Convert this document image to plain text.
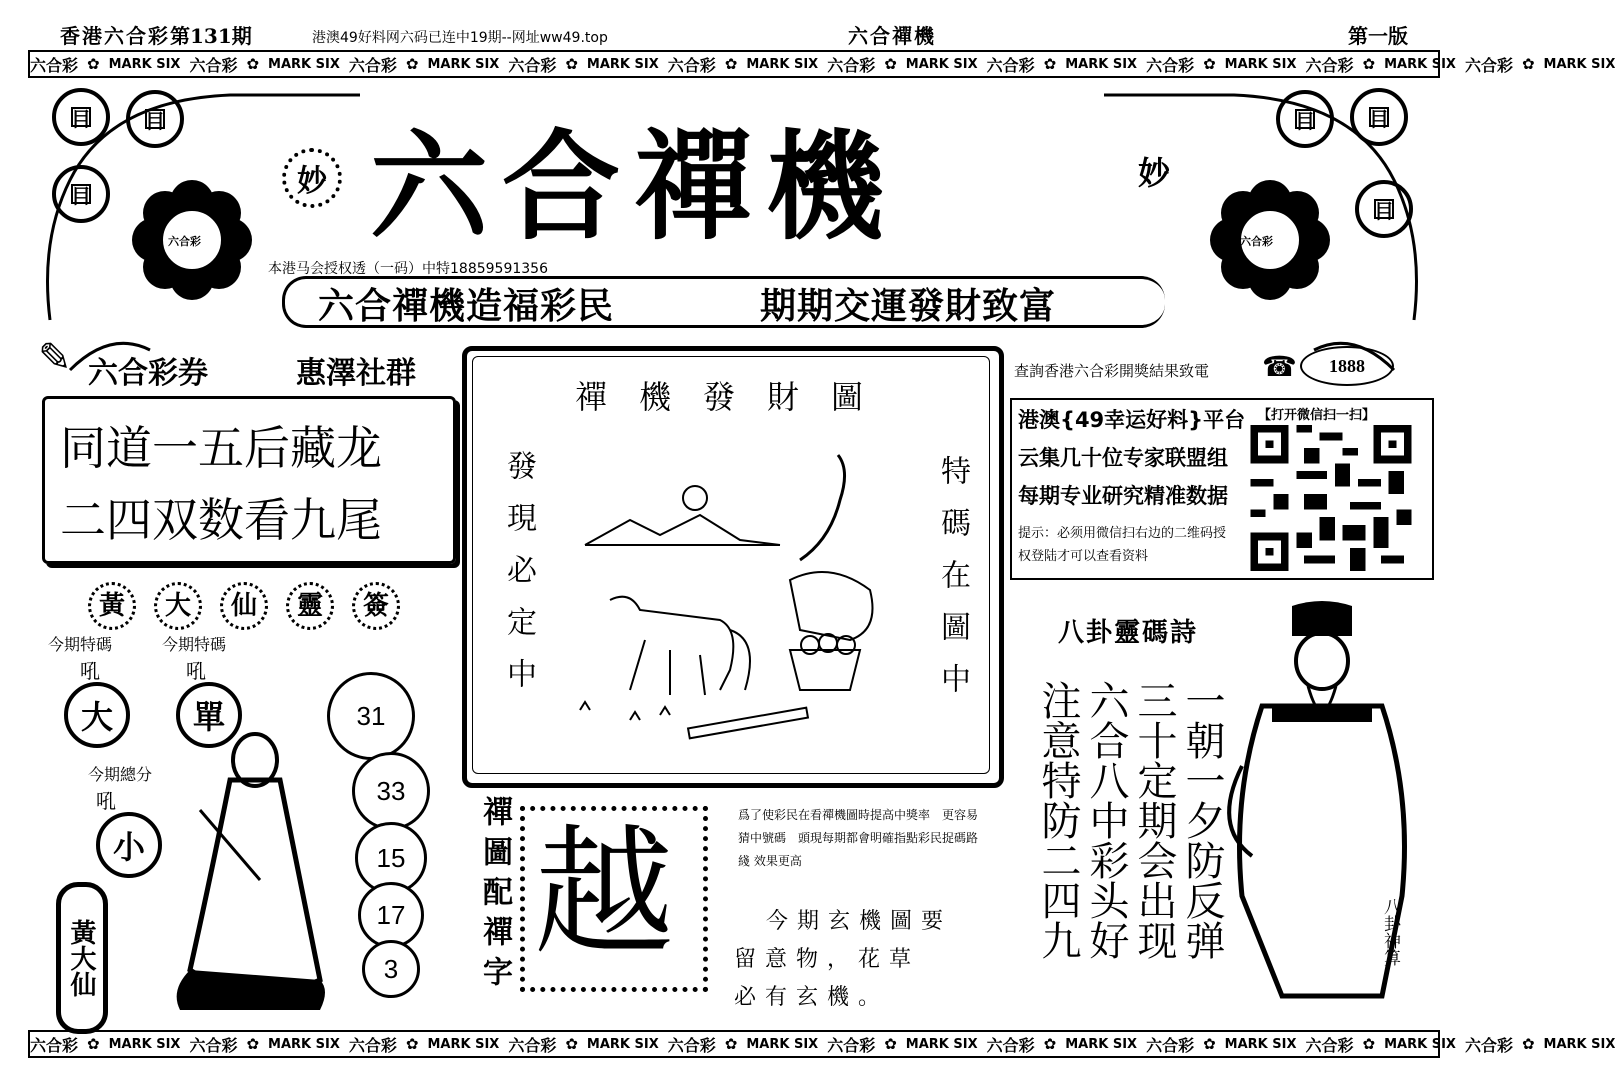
香港六合彩第131期	港澳49好料网六码已连中19期--网址ww49.top	六合禪機	第一版
六合彩 ✿ MARK SIX 六合彩 ✿ MARK SIX 六合彩 ✿ MARK SIX 六合彩 ✿ MARK SIX 六合彩 ✿ MARK SIX 六合彩 ✿ MARK SIX 六合彩 ✿ MARK SIX 六合彩 ✿ MARK SIX 六合彩 ✿ MARK SIX 六合彩 ✿ MARK SIX
目	目
目
目	目
目
六合彩	六合彩
妙	妙
六合禪機
本港马会授权透（一码）中特18859591356
六合禪機造福彩民	期期交運發財致富
✎ 六合彩券	惠澤社群
同道一五后藏龙
二四双数看九尾
黃	大	仙	靈	簽
今期特碼	今期特碼
吼	吼
大	單
今期總分
吼
小
黃大仙
31
33
15
17
3
禪機發財圖
發現必定中	特碼在圖中
禪圖配禪字 越	爲了使彩民在看禪機圖時提高中獎率　更容易猜中號碼　頭現每期都會明確指點彩民捉碼路綫 效果更高
今期玄機圖要
留意物，花草
必有玄機。
查詢香港六合彩開獎結果致電 ☎	1888
港澳{49幸运好料}平台
云集几十位专家联盟组
每期专业研究精准数据
提示：必须用微信扫右边的二维码授权登陆才可以查看资料
【打开微信扫一扫】
八卦靈碼詩
一朝一夕防反弹
三十定期会出现
六合八中彩头好
注意特防二四九	八卦神算
六合彩 ✿ MARK SIX 六合彩 ✿ MARK SIX 六合彩 ✿ MARK SIX 六合彩 ✿ MARK SIX 六合彩 ✿ MARK SIX 六合彩 ✿ MARK SIX 六合彩 ✿ MARK SIX 六合彩 ✿ MARK SIX 六合彩 ✿ MARK SIX 六合彩 ✿ MARK SIX
